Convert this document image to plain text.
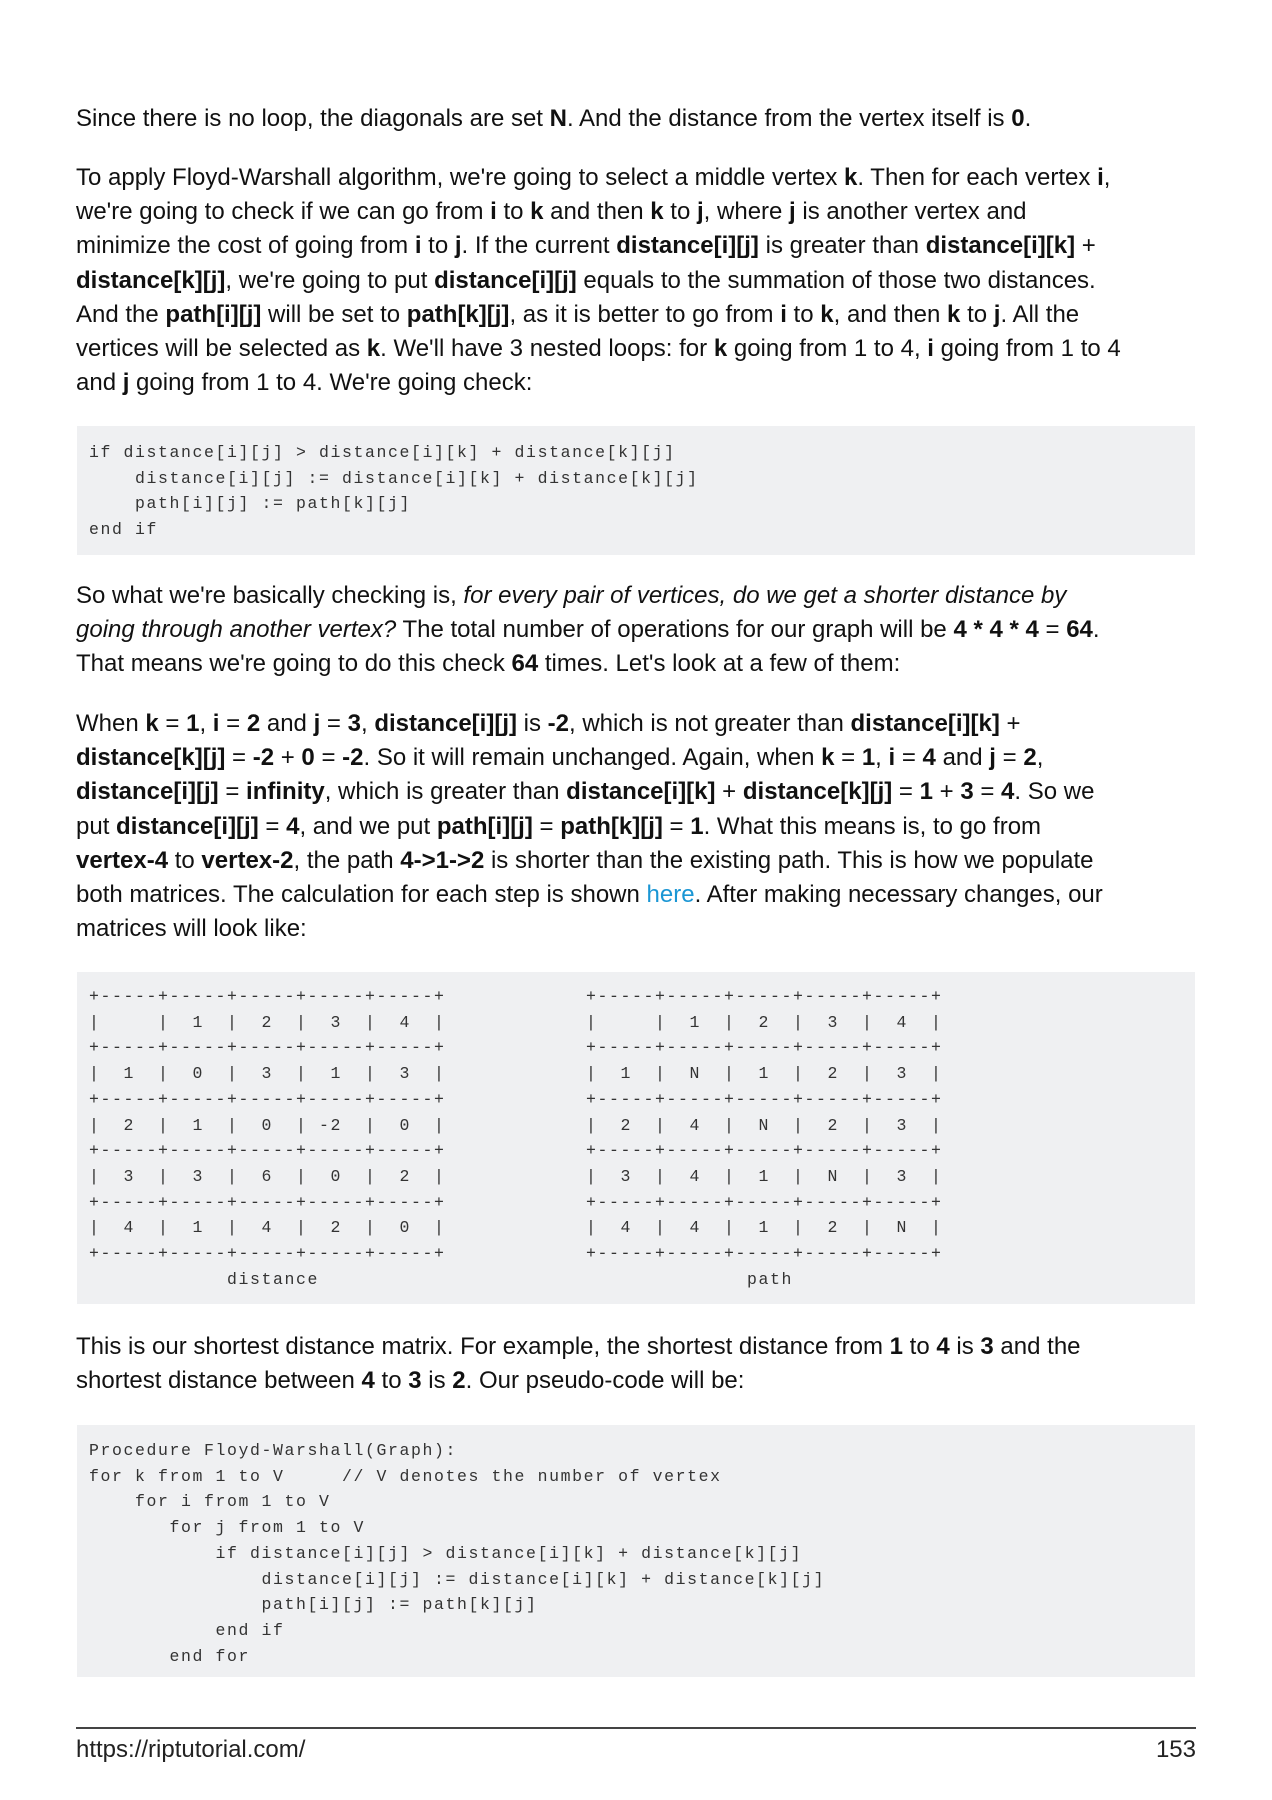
Since there is no loop, the diagonals are set N. And the distance from the vertex itself is 0.
To apply Floyd-Warshall algorithm, we're going to select a middle vertex k. Then for each vertex i,
we're going to check if we can go from i to k and then k to j, where j is another vertex and
minimize the cost of going from i to j. If the current distance[i][j] is greater than distance[i][k] +
distance[k][j], we're going to put distance[i][j] equals to the summation of those two distances.
And the path[i][j] will be set to path[k][j], as it is better to go from i to k, and then k to j. All the
vertices will be selected as k. We'll have 3 nested loops: for k going from 1 to 4, i going from 1 to 4
and j going from 1 to 4. We're going check:
if distance[i][j] > distance[i][k] + distance[k][j]
distance[i][j] := distance[i][k] + distance[k][j]
path[i][j] := path[k][j]
end if
So what we're basically checking is, for every pair of vertices, do we get a shorter distance by
going through another vertex? The total number of operations for our graph will be 4 * 4 * 4 = 64.
That means we're going to do this check 64 times. Let's look at a few of them:
When k = 1, i = 2 and j = 3, distance[i][j] is -2, which is not greater than distance[i][k] +
distance[k][j] = -2 + 0 = -2. So it will remain unchanged. Again, when k = 1, i = 4 and j = 2,
distance[i][j] = infinity, which is greater than distance[i][k] + distance[k][j] = 1 + 3 = 4. So we
put distance[i][j] = 4, and we put path[i][j] = path[k][j] = 1. What this means is, to go from
vertex-4 to vertex-2, the path 4->1->2 is shorter than the existing path. This is how we populate
both matrices. The calculation for each step is shown here. After making necessary changes, our
matrices will look like:
+-----+-----+-----+-----+-----+
|     |  1  |  2  |  3  |  4  |
+-----+-----+-----+-----+-----+
|  1  |  0  |  3  |  1  |  3  |
+-----+-----+-----+-----+-----+
|  2  |  1  |  0  | -2  |  0  |
+-----+-----+-----+-----+-----+
|  3  |  3  |  6  |  0  |  2  |
+-----+-----+-----+-----+-----+
|  4  |  1  |  4  |  2  |  0  |
+-----+-----+-----+-----+-----+
distance
+-----+-----+-----+-----+-----+
|     |  1  |  2  |  3  |  4  |
+-----+-----+-----+-----+-----+
|  1  |  N  |  1  |  2  |  3  |
+-----+-----+-----+-----+-----+
|  2  |  4  |  N  |  2  |  3  |
+-----+-----+-----+-----+-----+
|  3  |  4  |  1  |  N  |  3  |
+-----+-----+-----+-----+-----+
|  4  |  4  |  1  |  2  |  N  |
+-----+-----+-----+-----+-----+
path
This is our shortest distance matrix. For example, the shortest distance from 1 to 4 is 3 and the
shortest distance between 4 to 3 is 2. Our pseudo-code will be:
Procedure Floyd-Warshall(Graph):
for k from 1 to V     // V denotes the number of vertex
for i from 1 to V
for j from 1 to V
if distance[i][j] > distance[i][k] + distance[k][j]
distance[i][j] := distance[i][k] + distance[k][j]
path[i][j] := path[k][j]
end if
end for
https://riptutorial.com/	153
